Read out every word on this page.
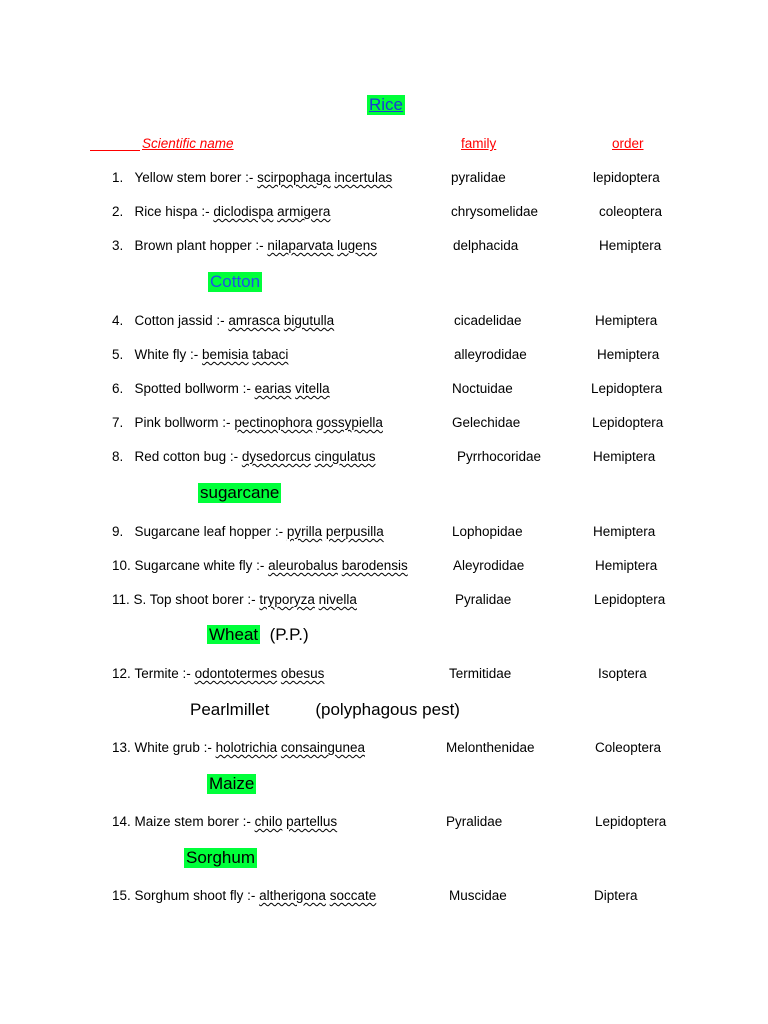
Rice
Scientific name	family	order
1. Yellow stem borer :- scirpophaga incertulas	pyralidae	lepidoptera
2. Rice hispa :- diclodispa armigera	chrysomelidae	coleoptera
3. Brown plant hopper :- nilaparvata lugens	delphacida	Hemiptera
4. Cotton jassid :- amrasca bigutulla	cicadelidae	Hemiptera
5. White fly :- bemisia tabaci	alleyrodidae	Hemiptera
6. Spotted bollworm :- earias vitella	Noctuidae	Lepidoptera
7. Pink bollworm :- pectinophora gossypiella	Gelechidae	Lepidoptera
8. Red cotton bug :- dysedorcus cingulatus	Pyrrhocoridae	Hemiptera
9. Sugarcane leaf hopper :- pyrilla perpusilla	Lophopidae	Hemiptera
10. Sugarcane white fly :- aleurobalus barodensis	Aleyrodidae	Hemiptera
11. S. Top shoot borer :- tryporyza nivella	Pyralidae	Lepidoptera
12. Termite :- odontotermes obesus	Termitidae	Isoptera
13. White grub :- holotrichia consaingunea	Melonthenidae	Coleoptera
14. Maize stem borer :- chilo partellus	Pyralidae	Lepidoptera
15. Sorghum shoot fly :- altherigona soccate	Muscidae	Diptera
Cotton
sugarcane
Wheat (P.P.)
Pearlmillet	(polyphagous pest)
Maize
Sorghum
